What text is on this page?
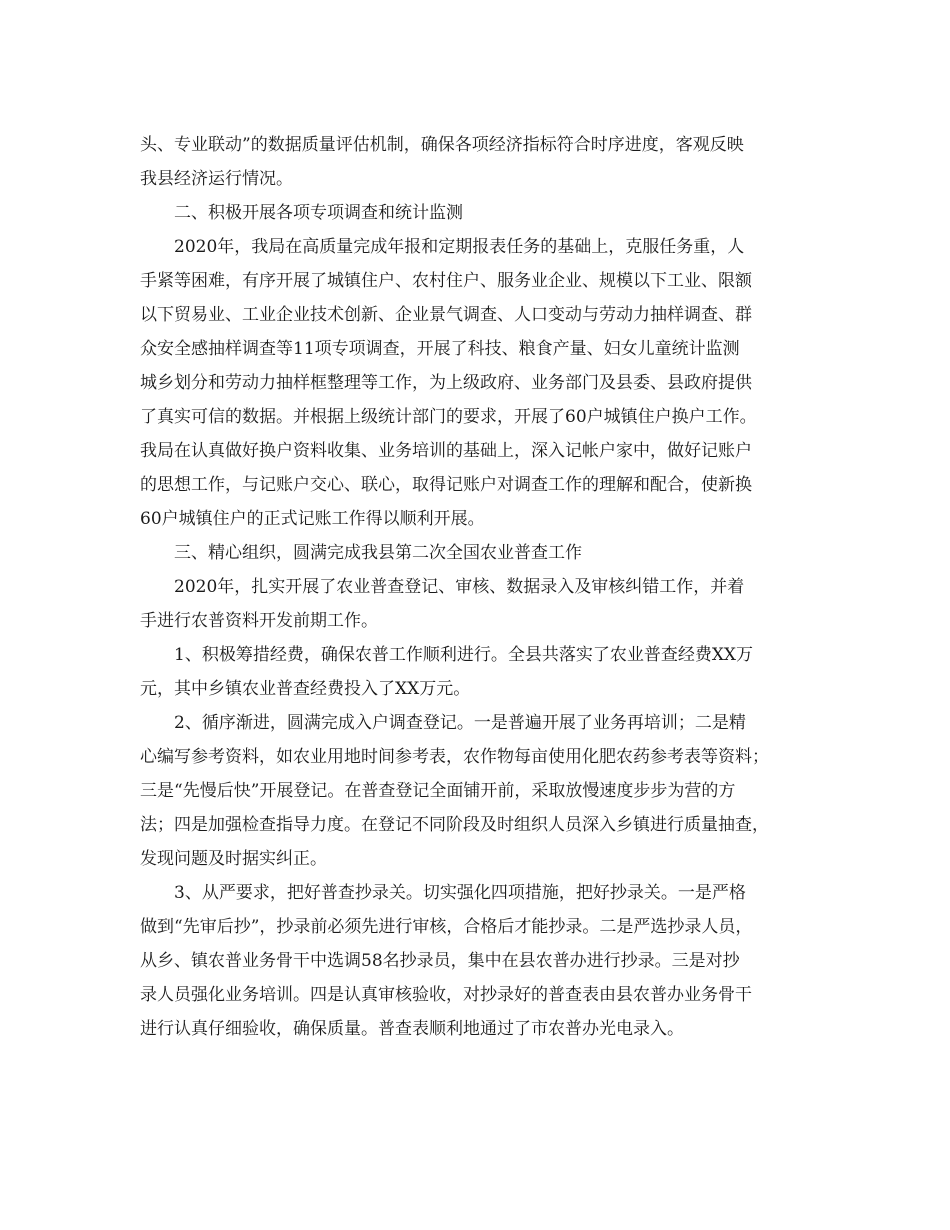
头、专业联动”的数据质量评估机制，确保各项经济指标符合时序进度，客观反映
我县经济运行情况。
二、积极开展各项专项调查和统计监测
2020年，我局在高质量完成年报和定期报表任务的基础上，克服任务重，人
手紧等困难，有序开展了城镇住户、农村住户、服务业企业、规模以下工业、限额
以下贸易业、工业企业技术创新、企业景气调查、人口变动与劳动力抽样调查、群
众安全感抽样调查等11项专项调查，开展了科技、粮食产量、妇女儿童统计监测
城乡划分和劳动力抽样框整理等工作，为上级政府、业务部门及县委、县政府提供
了真实可信的数据。并根据上级统计部门的要求，开展了60户城镇住户换户工作。
我局在认真做好换户资料收集、业务培训的基础上，深入记帐户家中，做好记账户
的思想工作，与记账户交心、联心，取得记账户对调查工作的理解和配合，使新换
60户城镇住户的正式记账工作得以顺利开展。
三、精心组织，圆满完成我县第二次全国农业普查工作
2020年，扎实开展了农业普查登记、审核、数据录入及审核纠错工作，并着
手进行农普资料开发前期工作。
1、积极筹措经费，确保农普工作顺利进行。全县共落实了农业普查经费XX万
元，其中乡镇农业普查经费投入了XX万元。
2、循序渐进，圆满完成入户调查登记。一是普遍开展了业务再培训；二是精
心编写参考资料，如农业用地时间参考表，农作物每亩使用化肥农药参考表等资料；
三是“先慢后快”开展登记。在普查登记全面铺开前，采取放慢速度步步为营的方
法；四是加强检查指导力度。在登记不同阶段及时组织人员深入乡镇进行质量抽查，
发现问题及时据实纠正。
3、从严要求，把好普查抄录关。切实强化四项措施，把好抄录关。一是严格
做到“先审后抄”，抄录前必须先进行审核，合格后才能抄录。二是严选抄录人员，
从乡、镇农普业务骨干中选调58名抄录员，集中在县农普办进行抄录。三是对抄
录人员强化业务培训。四是认真审核验收，对抄录好的普查表由县农普办业务骨干
进行认真仔细验收，确保质量。普查表顺利地通过了市农普办光电录入。
